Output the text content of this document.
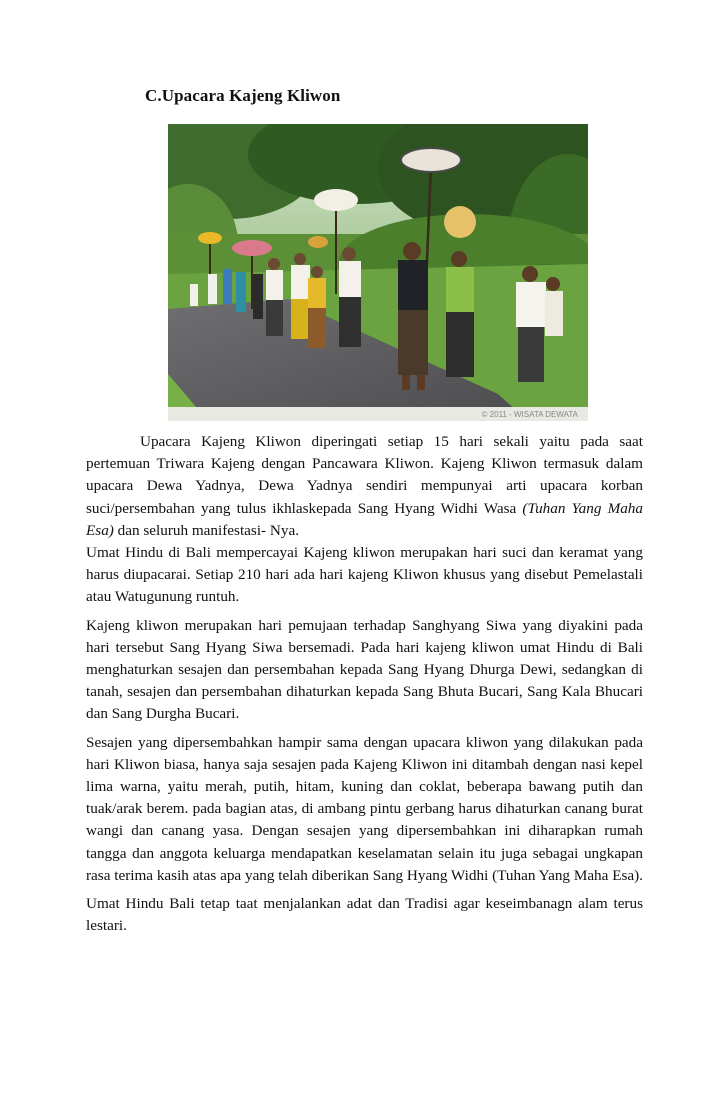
C.Upacara Kajeng Kliwon
© 2011 - WISATA DEWATA

Upacara Kajeng Kliwon diperingati setiap 15 hari sekali yaitu pada saat pertemuan Triwara Kajeng dengan Pancawara Kliwon. Kajeng Kliwon termasuk dalam upacara Dewa Yadnya, Dewa Yadnya sendiri mempunyai arti upacara korban suci/persembahan yang tulus ikhlaskepada Sang Hyang Widhi Wasa (Tuhan Yang Maha Esa) dan seluruh manifestasi- Nya.

Umat Hindu di Bali mempercayai Kajeng kliwon merupakan hari suci dan keramat yang harus diupacarai. Setiap 210 hari ada hari kajeng Kliwon khusus yang disebut Pemelastali atau Watugunung runtuh.

Kajeng kliwon merupakan hari pemujaan terhadap Sanghyang Siwa yang diyakini pada hari tersebut Sang Hyang Siwa bersemadi. Pada hari kajeng kliwon umat Hindu di Bali menghaturkan sesajen dan persembahan kepada Sang Hyang Dhurga Dewi, sedangkan di tanah, sesajen dan persembahan dihaturkan kepada Sang Bhuta Bucari, Sang Kala Bhucari dan Sang Durgha Bucari.

Sesajen yang dipersembahkan hampir sama dengan upacara kliwon yang dilakukan pada hari Kliwon biasa, hanya saja sesajen pada Kajeng Kliwon ini ditambah dengan nasi kepel lima warna, yaitu merah, putih, hitam, kuning dan coklat, beberapa bawang putih dan tuak/arak berem. pada bagian atas, di ambang pintu gerbang harus dihaturkan canang burat wangi dan canang yasa. Dengan sesajen yang dipersembahkan ini diharapkan rumah tangga dan anggota keluarga mendapatkan keselamatan selain itu juga sebagai ungkapan rasa terima kasih atas apa yang telah diberikan Sang Hyang Widhi (Tuhan Yang Maha Esa).

Umat Hindu Bali tetap taat menjalankan adat dan Tradisi agar keseimbanagn alam terus lestari.
